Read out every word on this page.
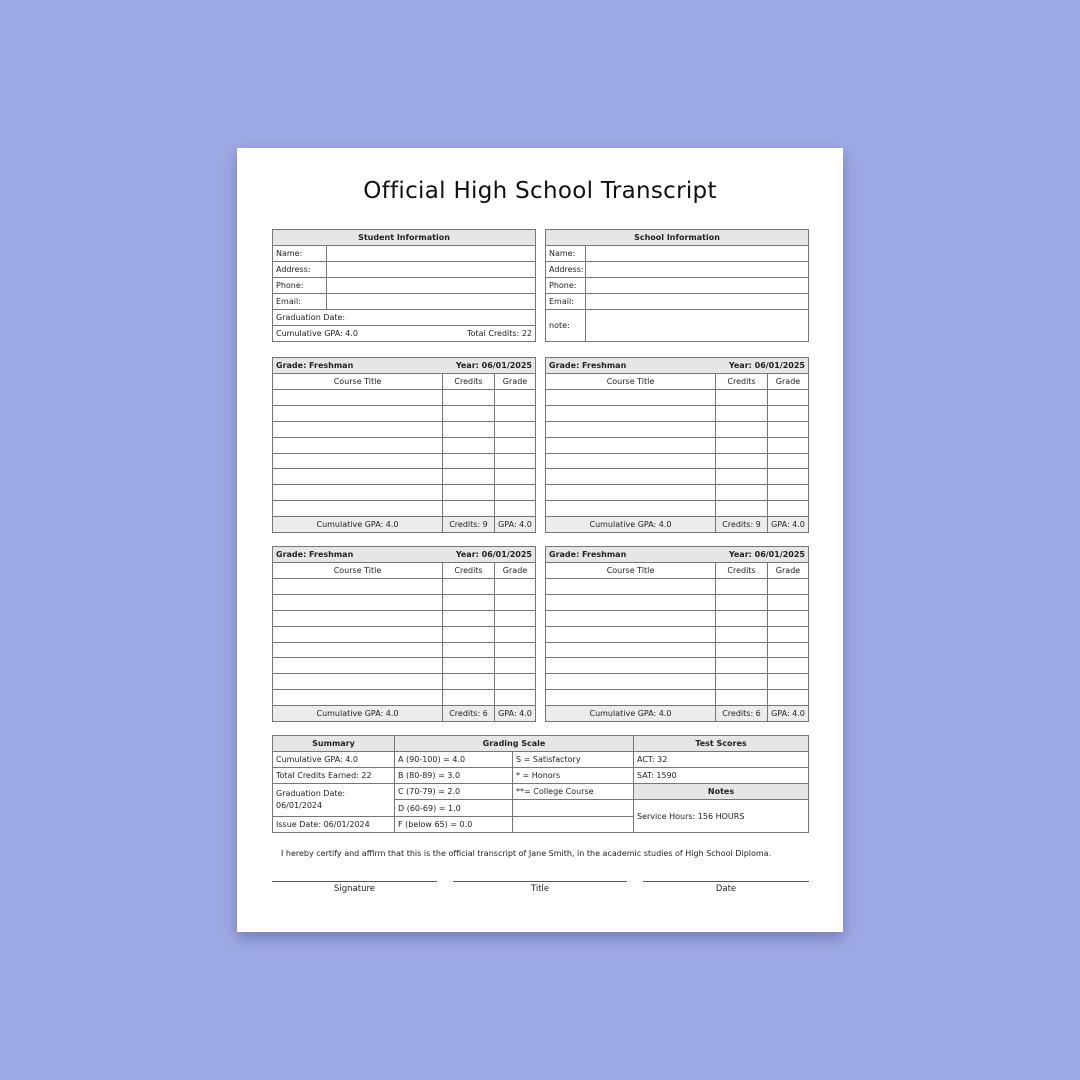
Official High School Transcript
Student Information	
Name:	
Address:	
Phone:	
Email:	
Graduation Date:	
Cumulative GPA: 4.0 Total Credits: 22	
School Information	
Name:	
Address:	
Phone:	
Email:	
note:	
Grade: Freshman Year: 06/01/2025		

Course Title	Credits	Grade

Cumulative GPA: 4.0	Credits: 9	GPA: 4.0
Grade: Freshman Year: 06/01/2025		

Course Title	Credits	Grade

Cumulative GPA: 4.0	Credits: 9	GPA: 4.0
Grade: Freshman Year: 06/01/2025		

Course Title	Credits	Grade

Cumulative GPA: 4.0	Credits: 6	GPA: 4.0
Grade: Freshman Year: 06/01/2025		

Course Title	Credits	Grade

Cumulative GPA: 4.0	Credits: 6	GPA: 4.0
Summary	Grading Scale		Test Scores
Cumulative GPA: 4.0	A (90-100) = 4.0	S = Satisfactory	ACT: 32
Total Credits Earned: 22	B (80-89) = 3.0	* = Honors	SAT: 1590

Graduation Date:
06/01/2024	C (70-79) = 2.0	**= College Course	Notes
	D (60-69) = 1.0		Service Hours: 156 HOURS
Issue Date: 06/01/2024	F (below 65) = 0.0		
I hereby certify and affirm that this is the official transcript of Jane Smith, in the academic studies of High School Diploma.
Signature	Title	Date
